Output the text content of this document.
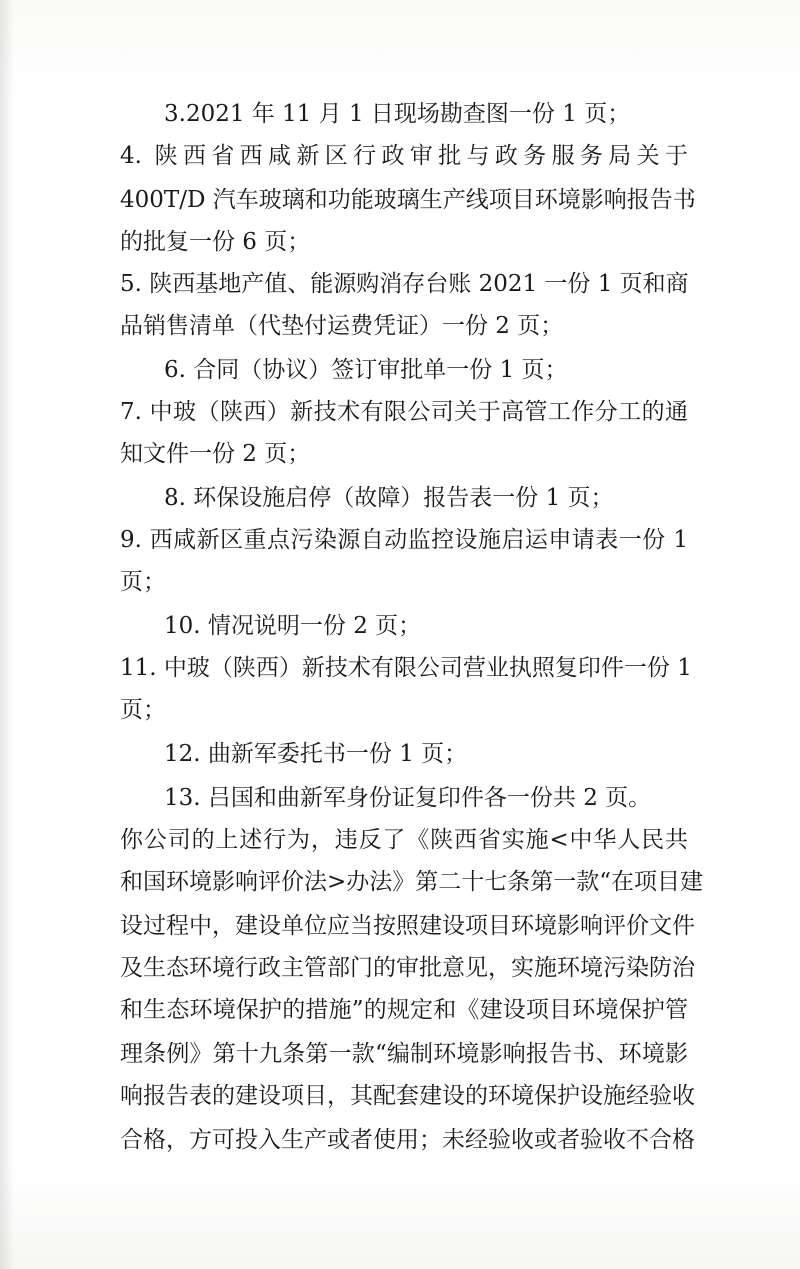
3.2021 年 11 月 1 日现场勘查图一份 1 页；

4. 陕西省西咸新区行政审批与政务服务局关于

400T/D 汽车玻璃和功能玻璃生产线项目环境影响报告书

的批复一份 6 页；

5. 陕西基地产值、能源购消存台账 2021 一份 1 页和商

品销售清单（代垫付运费凭证）一份 2 页；

6. 合同（协议）签订审批单一份 1 页；

7. 中玻（陕西）新技术有限公司关于高管工作分工的通

知文件一份 2 页；

8. 环保设施启停（故障）报告表一份 1 页；

9. 西咸新区重点污染源自动监控设施启运申请表一份 1

页；

10. 情况说明一份 2 页；

11. 中玻（陕西）新技术有限公司营业执照复印件一份 1

页；

12. 曲新军委托书一份 1 页；

13. 吕国和曲新军身份证复印件各一份共 2 页。

你公司的上述行为，违反了《陕西省实施<中华人民共

和国环境影响评价法>办法》第二十七条第一款“在项目建

设过程中，建设单位应当按照建设项目环境影响评价文件

及生态环境行政主管部门的审批意见，实施环境污染防治

和生态环境保护的措施”的规定和《建设项目环境保护管

理条例》第十九条第一款“编制环境影响报告书、环境影

响报告表的建设项目，其配套建设的环境保护设施经验收

合格，方可投入生产或者使用；未经验收或者验收不合格
